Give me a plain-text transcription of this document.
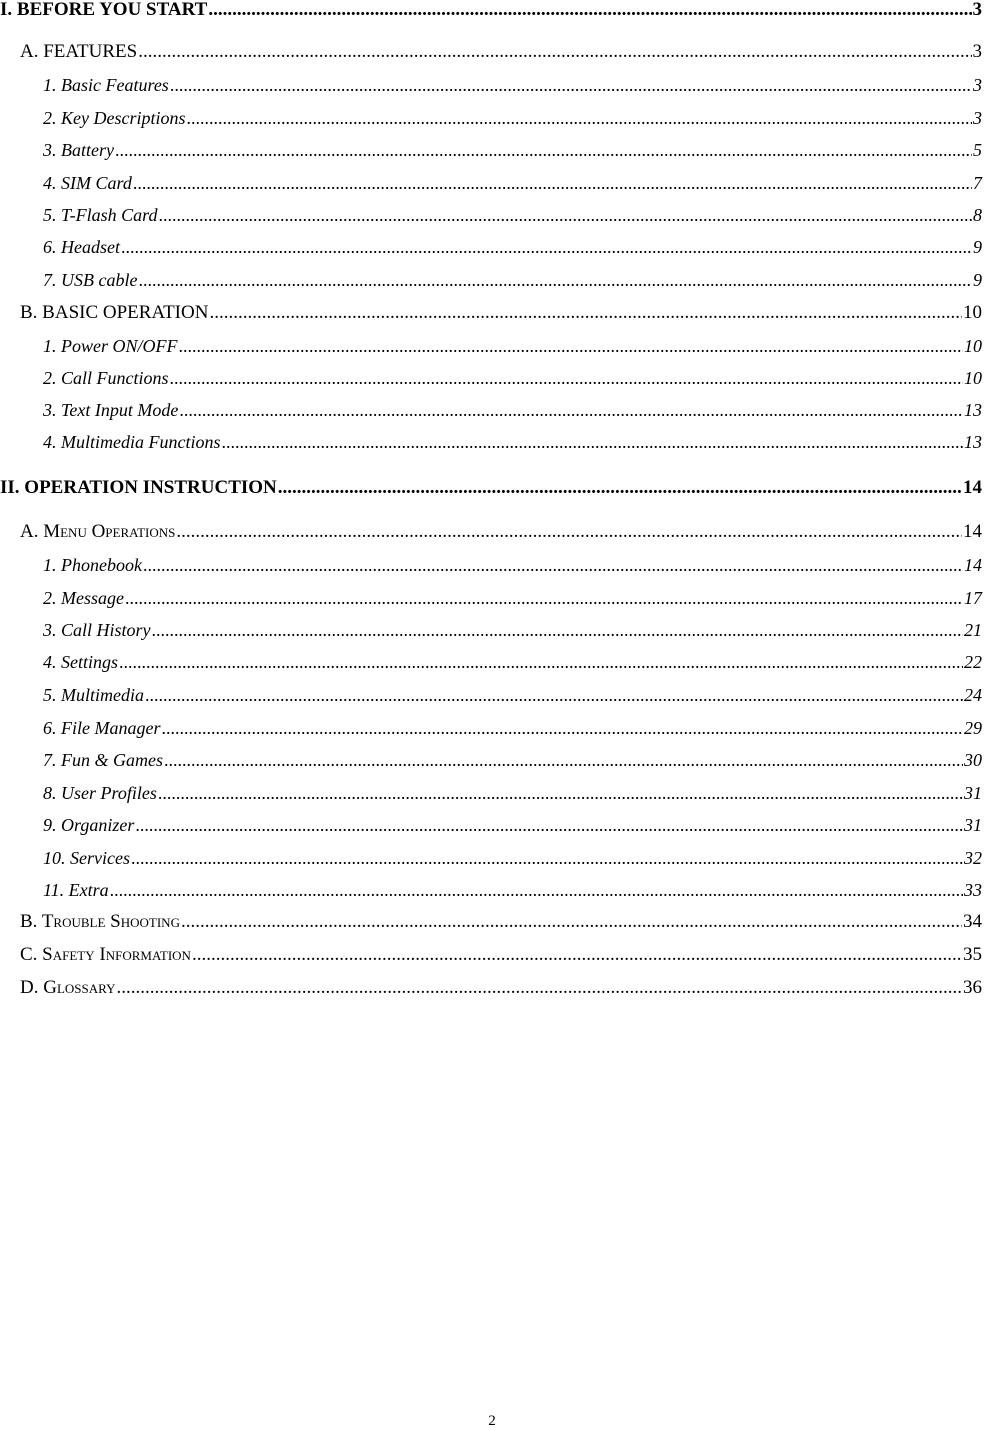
I. BEFORE YOU START .....	3
A. FEATURES .....	3
1. Basic Features .....	3
2. Key Descriptions .....	3
3. Battery .....	5
4. SIM Card .....	7
5. T-Flash Card .....	8
6. Headset .....	9
7. USB cable .....	9
B. BASIC OPERATION .....	10
1. Power ON/OFF .....	10
2. Call Functions .....	10
3. Text Input Mode .....	13
4. Multimedia Functions .....	13
II. OPERATION INSTRUCTION .....	14
A. Menu Operations .....	14
1. Phonebook .....	14
2. Message .....	17
3. Call History .....	21
4. Settings .....	22
5. Multimedia .....	24
6. File Manager .....	29
7. Fun & Games .....	30
8. User Profiles .....	31
9. Organizer .....	31
10. Services .....	32
11. Extra .....	33
B. Trouble Shooting .....	34
C. Safety Information .....	35
D. Glossary .....	36
2
